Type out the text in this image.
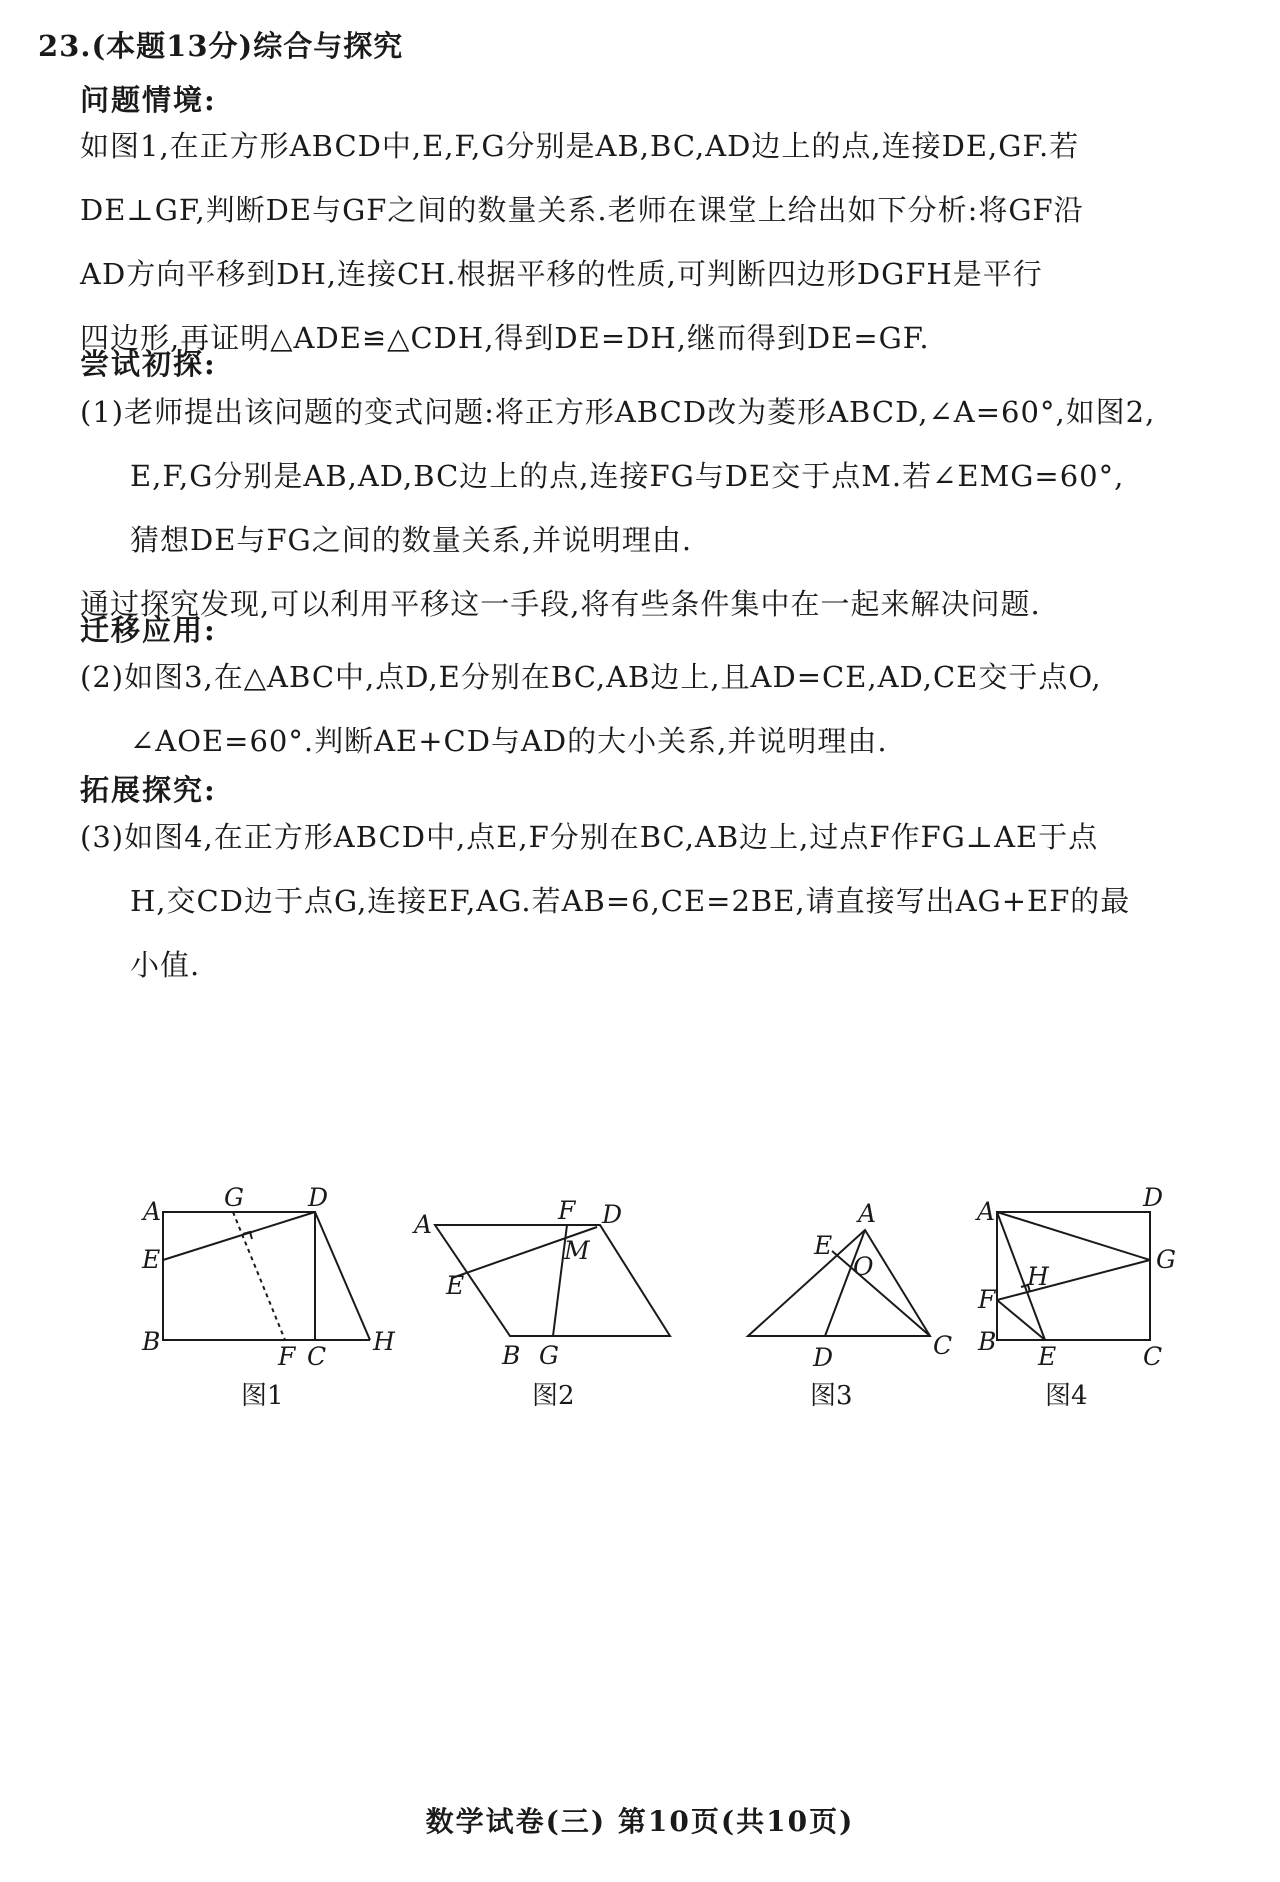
23.(本题13分)综合与探究
问题情境:
如图1,在正方形ABCD中,E,F,G分别是AB,BC,AD边上的点,连接DE,GF.若
DE⊥GF,判断DE与GF之间的数量关系.老师在课堂上给出如下分析:将GF沿
AD方向平移到DH,连接CH.根据平移的性质,可判断四边形DGFH是平行
四边形,再证明△ADE≌△CDH,得到DE=DH,继而得到DE=GF.
尝试初探:
(1)老师提出该问题的变式问题:将正方形ABCD改为菱形ABCD,∠A=60°,如图2,
E,F,G分别是AB,AD,BC边上的点,连接FG与DE交于点M.若∠EMG=60°,
猜想DE与FG之间的数量关系,并说明理由.
通过探究发现,可以利用平移这一手段,将有些条件集中在一起来解决问题.
迁移应用:
(2)如图3,在△ABC中,点D,E分别在BC,AB边上,且AD=CE,AD,CE交于点O,
∠AOE=60°.判断AE+CD与AD的大小关系,并说明理由.
拓展探究:
(3)如图4,在正方形ABCD中,点E,F分别在BC,AB边上,过点F作FG⊥AE于点
H,交CD边于点G,连接EF,AG.若AB=6,CE=2BE,请直接写出AG+EF的最
小值.
A	G	D
E
B
F C
H
A	F D
M
E
B G
A
E
O
D	C
A	D
G
H
F
B
E	C
图1	图2	图3	图4
数学试卷(三) 第10页(共10页)
